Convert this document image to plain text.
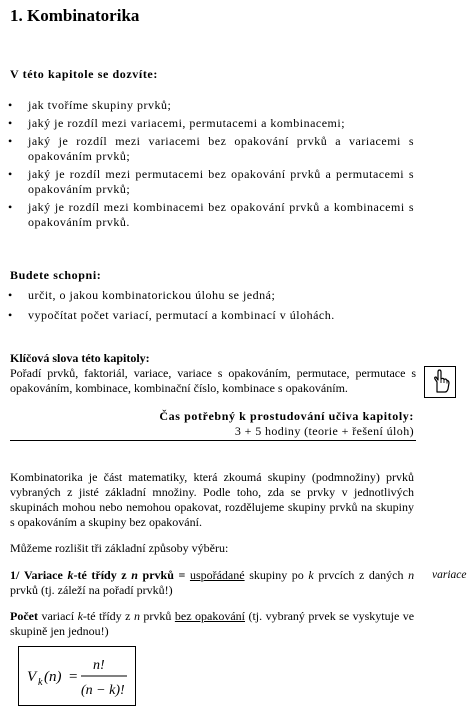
1. Kombinatorika
V této kapitole se dozvíte:
• jak tvoříme skupiny prvků;
• jaký je rozdíl mezi variacemi, permutacemi a kombinacemi;
• jaký je rozdíl mezi variacemi bez opakování prvků a variacemi s opakováním prvků;
• jaký je rozdíl mezi permutacemi bez opakování prvků a permutacemi s opakováním prvků;
• jaký je rozdíl mezi kombinacemi bez opakování prvků a kombinacemi s opakováním prvků.
Budete schopni:
• určit, o jakou kombinatorickou úlohu se jedná;
• vypočítat počet variací, permutací a kombinací v úlohách.
Klíčová slova této kapitoly:
Pořadí prvků, faktoriál, variace, variace s opakováním, permutace, permutace s opakováním, kombinace, kombinační číslo, kombinace s opakováním.
Čas potřebný k prostudování učiva kapitoly:
3 + 5 hodiny (teorie + řešení úloh)
Kombinatorika je část matematiky, která zkoumá skupiny (podmnožiny) prvků vybraných z jisté základní množiny. Podle toho, zda se prvky v jednotlivých skupinách mohou nebo nemohou opakovat, rozdělujeme skupiny prvků na skupiny s opakováním a skupiny bez opakování.
Můžeme rozlišit tři základní způsoby výběru:
1/ Variace k-té třídy z n prvků = uspořádané skupiny po k prvcích z daných n prvků (tj. záleží na pořadí prvků!)
variace
Počet variací k-té třídy z n prvků bez opakování (tj. vybraný prvek se vyskytuje ve skupině jen jednou!)
V k (n) =
n!
(n − k)!
